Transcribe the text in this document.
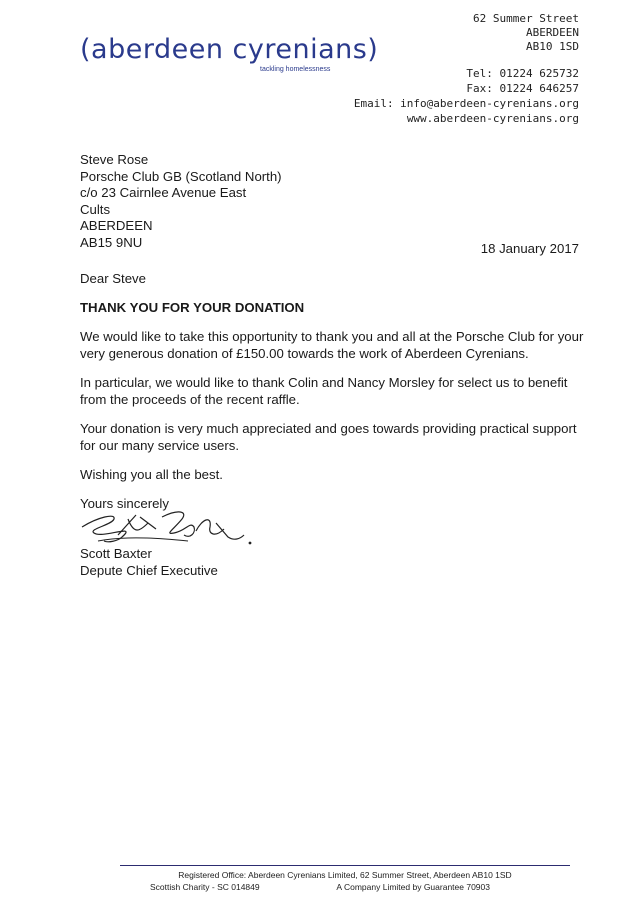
(aberdeen cyrenians)
tackling homelessness
62 Summer Street
ABERDEEN
AB10 1SD
Tel: 01224 625732
Fax: 01224 646257
Email: info@aberdeen-cyrenians.org
www.aberdeen-cyrenians.org
Steve Rose
Porsche Club GB (Scotland North)
c/o 23 Cairnlee Avenue East
Cults
ABERDEEN
AB15 9NU	18 January 2017

Dear Steve

THANK YOU FOR YOUR DONATION

We would like to take this opportunity to thank you and all at the Porsche Club for your very generous donation of £150.00 towards the work of Aberdeen Cyrenians.

In particular, we would like to thank Colin and Nancy Morsley for select us to benefit from the proceeds of the recent raffle.

Your donation is very much appreciated and goes towards providing practical support for our many service users.

Wishing you all the best.

Yours sincerely

Scott Baxter
Depute Chief Executive
Registered Office: Aberdeen Cyrenians Limited, 62 Summer Street, Aberdeen AB10 1SD
Scottish Charity - SC 014849	A Company Limited by Guarantee 70903
